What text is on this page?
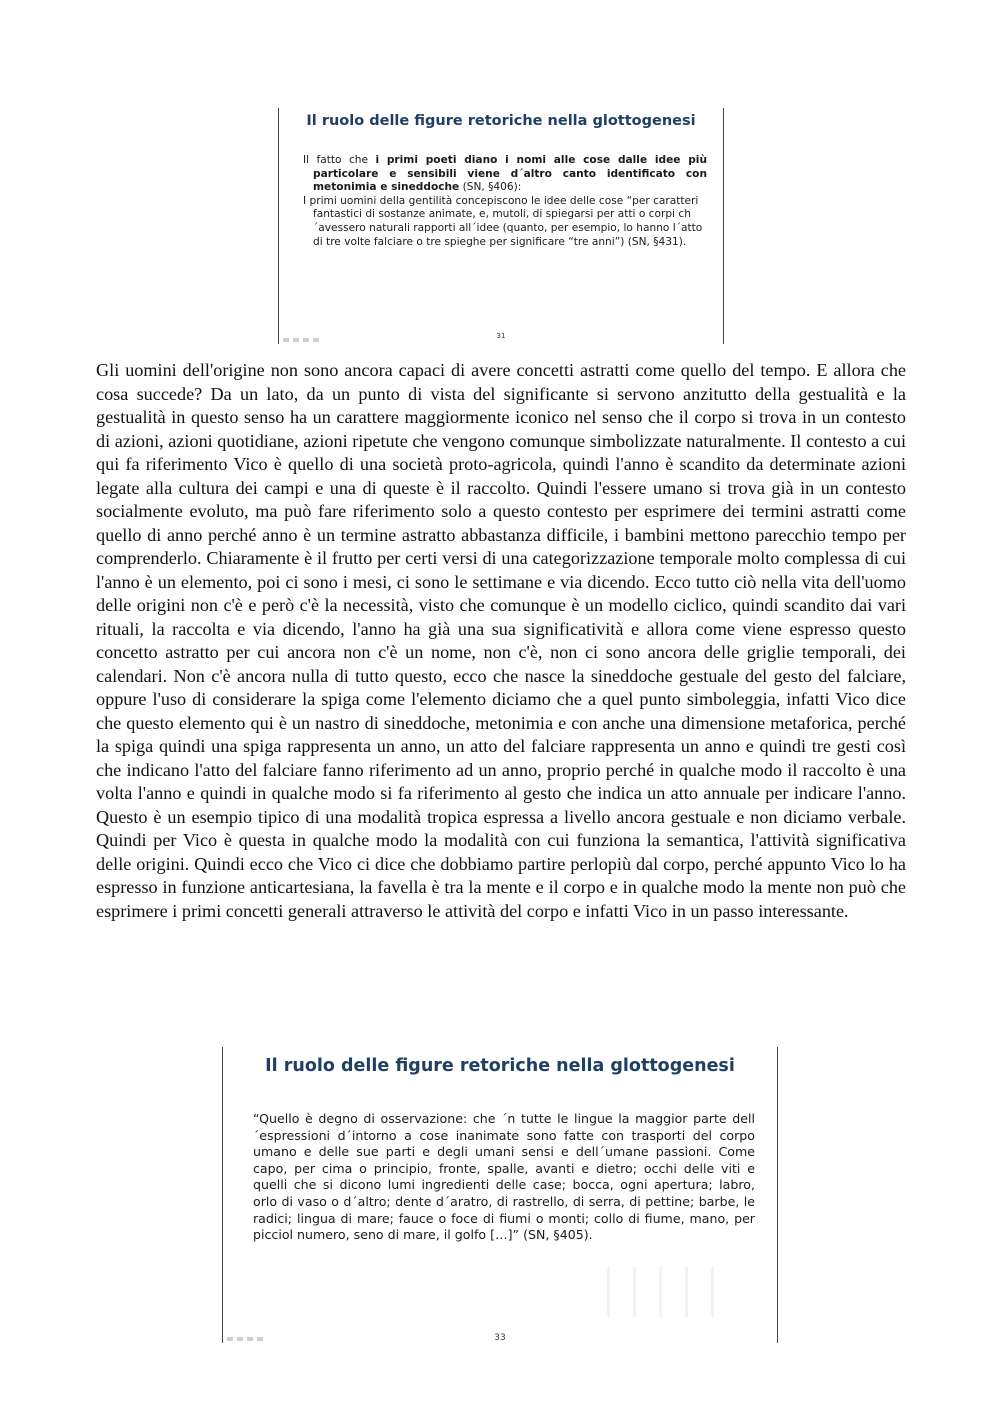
Il ruolo delle figure retoriche nella glottogenesi

Il fatto che i primi poeti diano i nomi alle cose dalle idee più particolare e sensibili viene d´altro canto identificato con metonimia e sineddoche (SN, §406):

I primi uomini della gentilità concepiscono le idee delle cose “per caratteri fantastici di sostanze animate, e, mutoli, di spiegarsi per atti o corpi ch´avessero naturali rapporti all´idee (quanto, per esempio, lo hanno l´atto di tre volte falciare o tre spieghe per significare “tre anni”) (SN, §431).

31

Gli uomini dell'origine non sono ancora capaci di avere concetti astratti come quello del tempo. E allora che cosa succede? Da un lato, da un punto di vista del significante si servono anzitutto della gestualità e la gestualità in questo senso ha un carattere maggiormente iconico nel senso che il corpo si trova in un contesto di azioni, azioni quotidiane, azioni ripetute che vengono comunque simbolizzate naturalmente. Il contesto a cui qui fa riferimento Vico è quello di una società proto-agricola, quindi l'anno è scandito da determinate azioni legate alla cultura dei campi e una di queste è il raccolto. Quindi l'essere umano si trova già in un contesto socialmente evoluto, ma può fare riferimento solo a questo contesto per esprimere dei termini astratti come quello di anno perché anno è un termine astratto abbastanza difficile, i bambini mettono parecchio tempo per comprenderlo. Chiaramente è il frutto per certi versi di una categorizzazione temporale molto complessa di cui l'anno è un elemento, poi ci sono i mesi, ci sono le settimane e via dicendo. Ecco tutto ciò nella vita dell'uomo delle origini non c'è e però c'è la necessità, visto che comunque è un modello ciclico, quindi scandito dai vari rituali, la raccolta e via dicendo, l'anno ha già una sua significatività e allora come viene espresso questo concetto astratto per cui ancora non c'è un nome, non c'è, non ci sono ancora delle griglie temporali, dei calendari. Non c'è ancora nulla di tutto questo, ecco che nasce la sineddoche gestuale del gesto del falciare, oppure l'uso di considerare la spiga come l'elemento diciamo che a quel punto simboleggia, infatti Vico dice che questo elemento qui è un nastro di sineddoche, metonimia e con anche una dimensione metaforica, perché la spiga quindi una spiga rappresenta un anno, un atto del falciare rappresenta un anno e quindi tre gesti così che indicano l'atto del falciare fanno riferimento ad un anno, proprio perché in qualche modo il raccolto è una volta l'anno e quindi in qualche modo si fa riferimento al gesto che indica un atto annuale per indicare l'anno. Questo è un esempio tipico di una modalità tropica espressa a livello ancora gestuale e non diciamo verbale. Quindi per Vico è questa in qualche modo la modalità con cui funziona la semantica, l'attività significativa delle origini. Quindi ecco che Vico ci dice che dobbiamo partire perlopiù dal corpo, perché appunto Vico lo ha espresso in funzione anticartesiana, la favella è tra la mente e il corpo e in qualche modo la mente non può che esprimere i primi concetti generali attraverso le attività del corpo e infatti Vico in un passo interessante.

Il ruolo delle figure retoriche nella glottogenesi

“Quello è degno di osservazione: che ´n tutte le lingue la maggior parte dell´espressioni d´intorno a cose inanimate sono fatte con trasporti del corpo umano e delle sue parti e degli umani sensi e dell´umane passioni. Come capo, per cima o principio, fronte, spalle, avanti e dietro; occhi delle viti e quelli che si dicono lumi ingredienti delle case; bocca, ogni apertura; labro, orlo di vaso o d´altro; dente d´aratro, di rastrello, di serra, di pettine; barbe, le radici; lingua di mare; fauce o foce di fiumi o monti; collo di fiume, mano, per picciol numero, seno di mare, il golfo […]” (SN, §405).

33
